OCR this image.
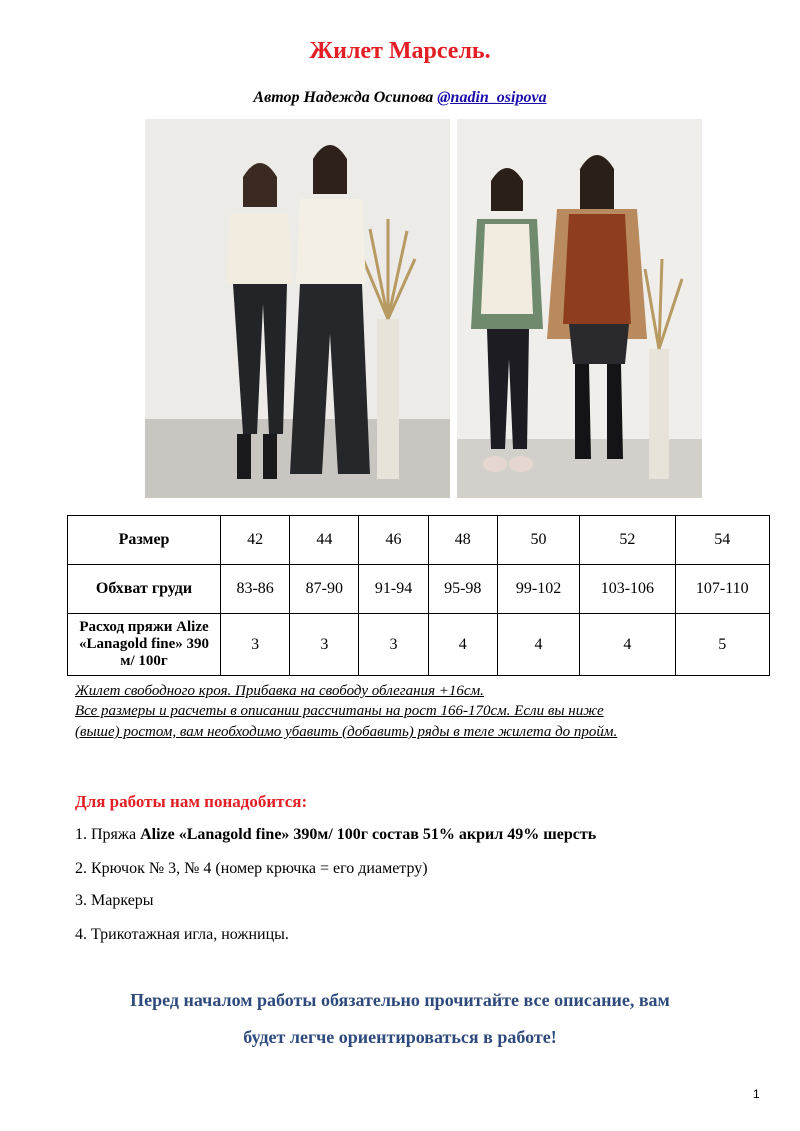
Жилет Марсель.
Автор Надежда Осипова @nadin_osipova
Размер	42	44	46	48	50	52	54
Обхват груди	83-86	87-90	91-94	95-98	99-102	103-106	107-110
Расход пряжи Alize «Lanagold fine» 390 м/ 100г	3	3	3	4	4	4	5
Жилет свободного кроя. Прибавка на свободу облегания +16см.
Все размеры и расчеты в описании рассчитаны на рост 166-170см. Если вы ниже
(выше) ростом, вам необходимо убавить (добавить) ряды в теле жилета до пройм.
Для работы нам понадобится:
1. Пряжа Alize «Lanagold fine» 390м/ 100г состав 51% акрил 49% шерсть
2. Крючок № 3, № 4 (номер крючка = его диаметру)
3. Маркеры
4. Трикотажная игла, ножницы.
Перед началом работы обязательно прочитайте все описание, вам
будет легче ориентироваться в работе!
1
